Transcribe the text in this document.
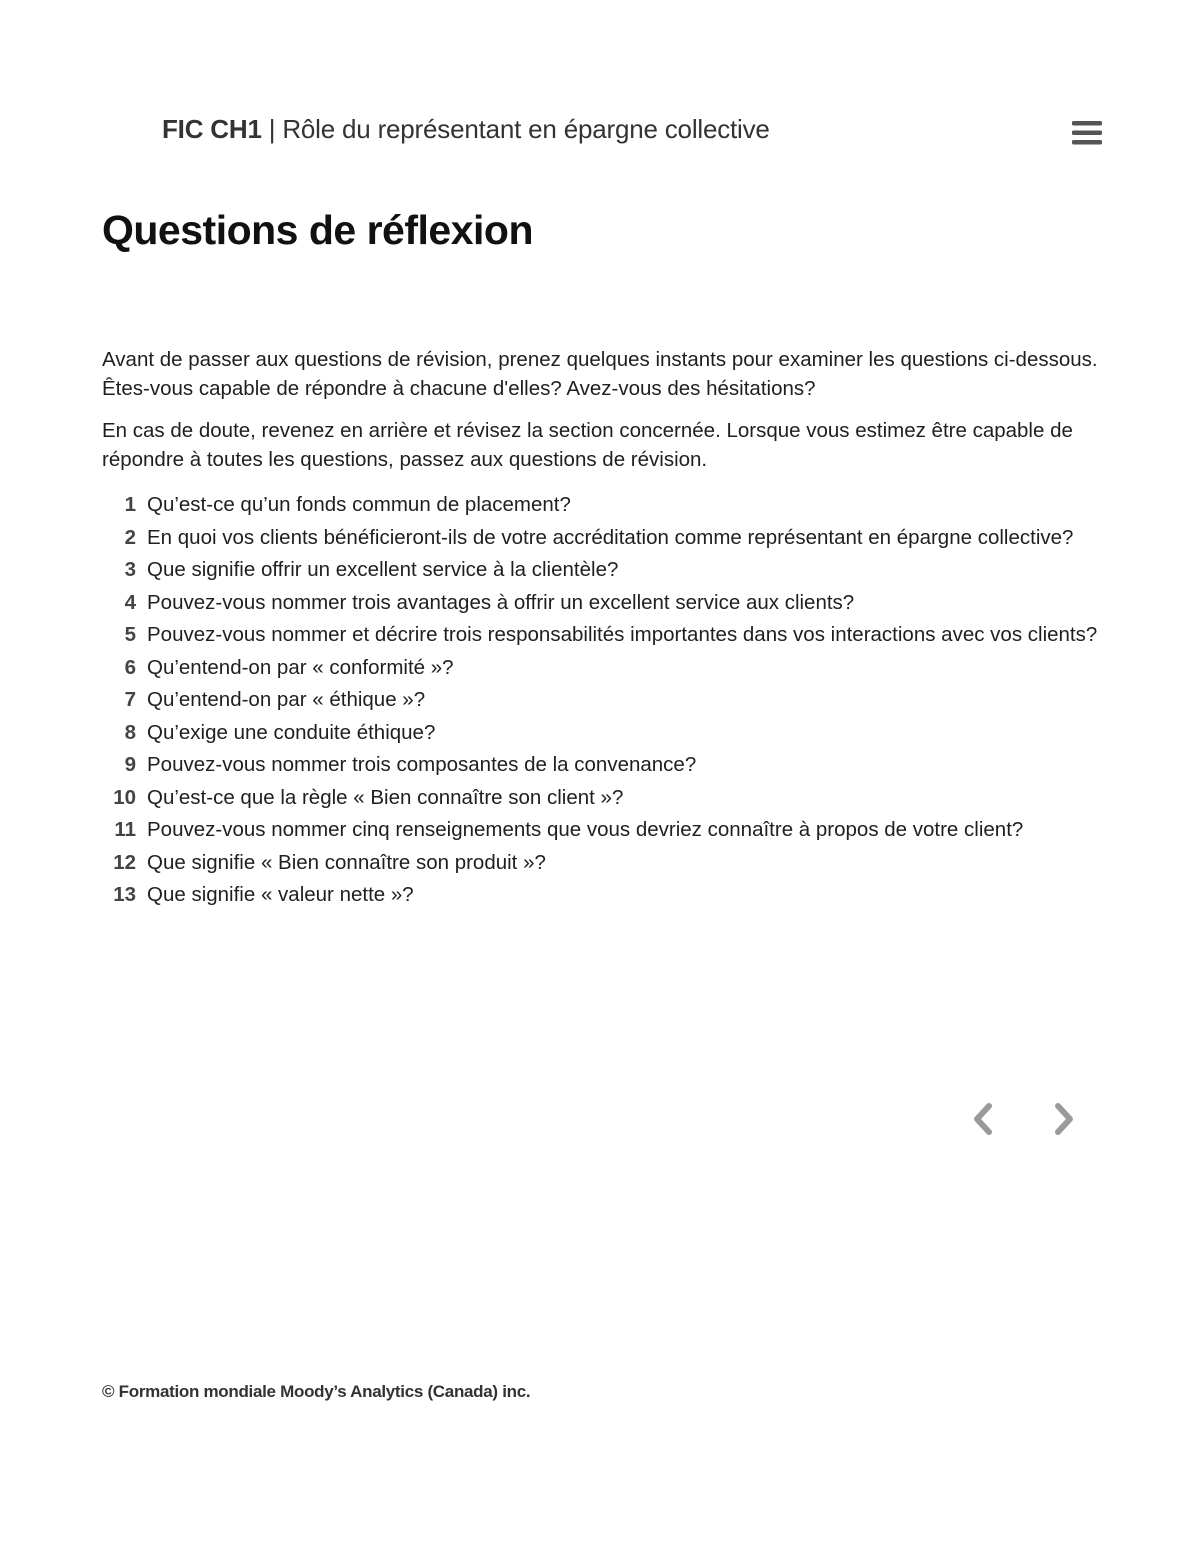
FIC CH1 | Rôle du représentant en épargne collective
Questions de réflexion

Avant de passer aux questions de révision, prenez quelques instants pour examiner les questions ci-dessous. Êtes-vous capable de répondre à chacune d'elles? Avez-vous des hésitations?

En cas de doute, revenez en arrière et révisez la section concernée. Lorsque vous estimez être capable de répondre à toutes les questions, passez aux questions de révision.

1 Qu’est-ce qu’un fonds commun de placement?
2 En quoi vos clients bénéficieront-ils de votre accréditation comme représentant en épargne collective?
3 Que signifie offrir un excellent service à la clientèle?
4 Pouvez-vous nommer trois avantages à offrir un excellent service aux clients?
5 Pouvez-vous nommer et décrire trois responsabilités importantes dans vos interactions avec vos clients?
6 Qu’entend-on par « conformité »?
7 Qu’entend-on par « éthique »?
8 Qu’exige une conduite éthique?
9 Pouvez-vous nommer trois composantes de la convenance?
10 Qu’est-ce que la règle « Bien connaître son client »?
11 Pouvez-vous nommer cinq renseignements que vous devriez connaître à propos de votre client?
12 Que signifie « Bien connaître son produit »?
13 Que signifie « valeur nette »?
© Formation mondiale Moody’s Analytics (Canada) inc.
